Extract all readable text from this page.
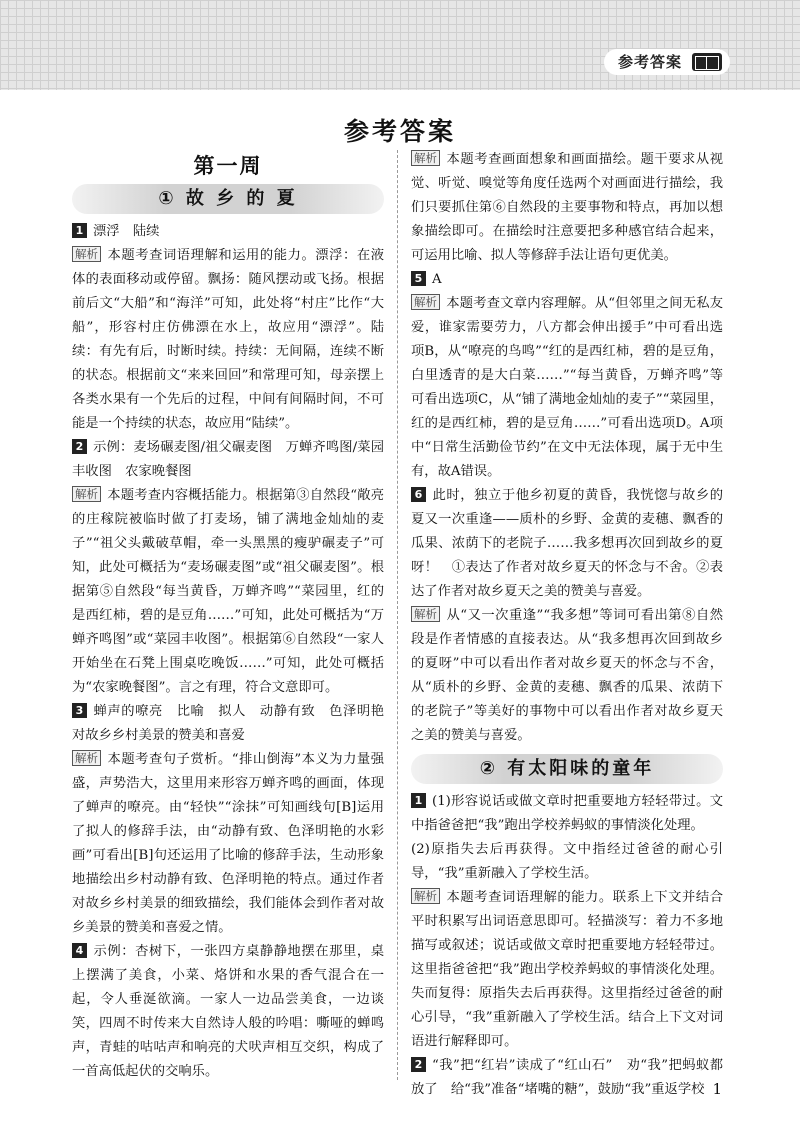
参考答案
参考答案
第一周
① 故 乡 的 夏

1 漂浮　陆续

解析 本题考查词语理解和运用的能力。漂浮：在液体的表面移动或停留。飘扬：随风摆动或飞扬。根据前后文“大船”和“海洋”可知，此处将“村庄”比作“大船”，形容村庄仿佛漂在水上，故应用“漂浮”。陆续：有先有后，时断时续。持续：无间隔，连续不断的状态。根据前文“来来回回”和常理可知，母亲摆上各类水果有一个先后的过程，中间有间隔时间，不可能是一个持续的状态，故应用“陆续”。

2 示例：麦场碾麦图/祖父碾麦图　万蝉齐鸣图/菜园丰收图　农家晚餐图

解析 本题考查内容概括能力。根据第③自然段“敞亮的庄稼院被临时做了打麦场，铺了满地金灿灿的麦子”“祖父头戴破草帽，牵一头黑黑的瘦驴碾麦子”可知，此处可概括为“麦场碾麦图”或“祖父碾麦图”。根据第⑤自然段“每当黄昏，万蝉齐鸣”“菜园里，红的是西红柿，碧的是豆角……”可知，此处可概括为“万蝉齐鸣图”或“菜园丰收图”。根据第⑥自然段“一家人开始坐在石凳上围桌吃晚饭……”可知，此处可概括为“农家晚餐图”。言之有理，符合文意即可。

3 蝉声的嘹亮　比喻　拟人　动静有致　色泽明艳　对故乡乡村美景的赞美和喜爱

解析 本题考查句子赏析。“排山倒海”本义为力量强盛，声势浩大，这里用来形容万蝉齐鸣的画面，体现了蝉声的嘹亮。由“轻快”“涂抹”可知画线句[B]运用了拟人的修辞手法，由“动静有致、色泽明艳的水彩画”可看出[B]句还运用了比喻的修辞手法，生动形象地描绘出乡村动静有致、色泽明艳的特点。通过作者对故乡乡村美景的细致描绘，我们能体会到作者对故乡美景的赞美和喜爱之情。

4 示例：杏树下，一张四方桌静静地摆在那里，桌上摆满了美食，小菜、烙饼和水果的香气混合在一起，令人垂涎欲滴。一家人一边品尝美食，一边谈笑，四周不时传来大自然诗人般的吟唱：嘶哑的蝉鸣声，青蛙的咕咕声和响亮的犬吠声相互交织，构成了一首高低起伏的交响乐。

解析 本题考查画面想象和画面描绘。题干要求从视觉、听觉、嗅觉等角度任选两个对画面进行描绘，我们只要抓住第⑥自然段的主要事物和特点，再加以想象描绘即可。在描绘时注意要把多种感官结合起来，可运用比喻、拟人等修辞手法让语句更优美。

5 A

解析 本题考查文章内容理解。从“但邻里之间无私友爱，谁家需要劳力，八方都会伸出援手”中可看出选项B，从“嘹亮的鸟鸣”“红的是西红柿，碧的是豆角，白里透青的是大白菜……”“每当黄昏，万蝉齐鸣”等可看出选项C，从“铺了满地金灿灿的麦子”“菜园里，红的是西红柿，碧的是豆角……”可看出选项D。A项中“日常生活勤俭节约”在文中无法体现，属于无中生有，故A错误。

6 此时，独立于他乡初夏的黄昏，我恍惚与故乡的夏又一次重逢——质朴的乡野、金黄的麦穗、飘香的瓜果、浓荫下的老院子……我多想再次回到故乡的夏呀！　①表达了作者对故乡夏天的怀念与不舍。②表达了作者对故乡夏天之美的赞美与喜爱。

解析 从“又一次重逢”“我多想”等词可看出第⑧自然段是作者情感的直接表达。从“我多想再次回到故乡的夏呀”中可以看出作者对故乡夏天的怀念与不舍，从“质朴的乡野、金黄的麦穗、飘香的瓜果、浓荫下的老院子”等美好的事物中可以看出作者对故乡夏天之美的赞美与喜爱。

② 有太阳味的童年

1 (1)形容说话或做文章时把重要地方轻轻带过。文中指爸爸把“我”跑出学校养蚂蚁的事情淡化处理。

(2)原指失去后再获得。文中指经过爸爸的耐心引导，“我”重新融入了学校生活。

解析 本题考查词语理解的能力。联系上下文并结合平时积累写出词语意思即可。轻描淡写：着力不多地描写或叙述；说话或做文章时把重要地方轻轻带过。这里指爸爸把“我”跑出学校养蚂蚁的事情淡化处理。失而复得：原指失去后再获得。这里指经过爸爸的耐心引导，“我”重新融入了学校生活。结合上下文对词语进行解释即可。

2 “我”把“红岩”读成了“红山石”　劝“我”把蚂蚁都放了　给“我”准备“堵嘴的糖”，鼓励“我”重返学校 1
